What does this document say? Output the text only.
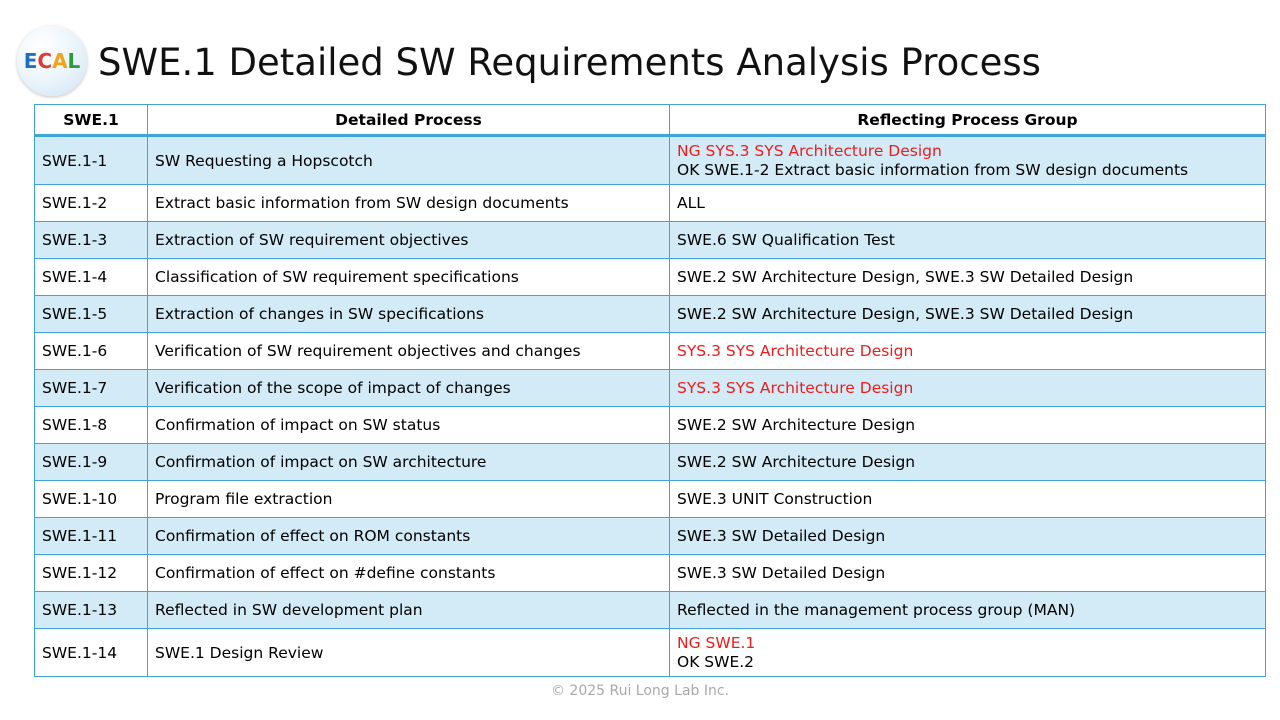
ECAL SWE.1 Detailed SW Requirements Analysis Process
SWE.1	Detailed Process	Reflecting Process Group
SWE.1-1	SW Requesting a Hopscotch	NG SYS.3 SYS Architecture Design
OK SWE.1-2 Extract basic information from SW design documents

SWE.1-2	Extract basic information from SW design documents	ALL
SWE.1-3	Extraction of SW requirement objectives	SWE.6 SW Qualification Test
SWE.1-4	Classification of SW requirement specifications	SWE.2 SW Architecture Design, SWE.3 SW Detailed Design
SWE.1-5	Extraction of changes in SW specifications	SWE.2 SW Architecture Design, SWE.3 SW Detailed Design
SWE.1-6	Verification of SW requirement objectives and changes	SYS.3 SYS Architecture Design
SWE.1-7	Verification of the scope of impact of changes	SYS.3 SYS Architecture Design
SWE.1-8	Confirmation of impact on SW status	SWE.2 SW Architecture Design
SWE.1-9	Confirmation of impact on SW architecture	SWE.2 SW Architecture Design
SWE.1-10	Program file extraction	SWE.3 UNIT Construction
SWE.1-11	Confirmation of effect on ROM constants	SWE.3 SW Detailed Design
SWE.1-12	Confirmation of effect on #define constants	SWE.3 SW Detailed Design
SWE.1-13	Reflected in SW development plan	Reflected in the management process group (MAN)
SWE.1-14	SWE.1 Design Review	NG SWE.1
OK SWE.2
© 2025 Rui Long Lab Inc.
